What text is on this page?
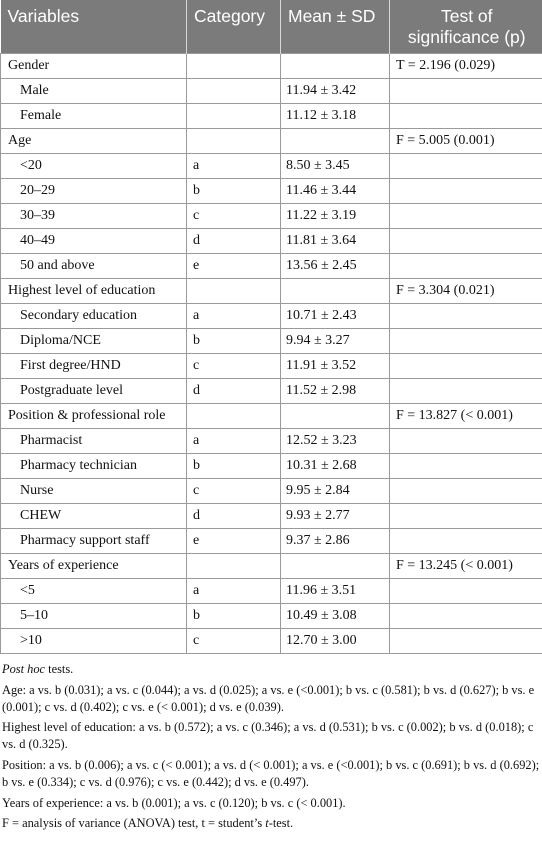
Variables	Category	Mean ± SD	Test of significance (p)
Gender			T = 2.196 (0.029)
Male		11.94 ± 3.42	
Female		11.12 ± 3.18	
Age			F = 5.005 (0.001)
<20	a	8.50 ± 3.45	
20–29	b	11.46 ± 3.44	
30–39	c	11.22 ± 3.19	
40–49	d	11.81 ± 3.64	
50 and above	e	13.56 ± 2.45	
Highest level of education			F = 3.304 (0.021)
Secondary education	a	10.71 ± 2.43	
Diploma/NCE	b	9.94 ± 3.27	
First degree/HND	c	11.91 ± 3.52	
Postgraduate level	d	11.52 ± 2.98	
Position & professional role			F = 13.827 (< 0.001)
Pharmacist	a	12.52 ± 3.23	
Pharmacy technician	b	10.31 ± 2.68	
Nurse	c	9.95 ± 2.84	
CHEW	d	9.93 ± 2.77	
Pharmacy support staff	e	9.37 ± 2.86	
Years of experience			F = 13.245 (< 0.001)
<5	a	11.96 ± 3.51	
5–10	b	10.49 ± 3.08	
>10	c	12.70 ± 3.00	

Post hoc tests.

Age: a vs. b (0.031); a vs. c (0.044); a vs. d (0.025); a vs. e (<0.001); b vs. c (0.581); b vs. d (0.627); b vs. e (0.001); c vs. d (0.402); c vs. e (< 0.001); d vs. e (0.039).

Highest level of education: a vs. b (0.572); a vs. c (0.346); a vs. d (0.531); b vs. c (0.002); b vs. d (0.018); c vs. d (0.325).

Position: a vs. b (0.006); a vs. c (< 0.001); a vs. d (< 0.001); a vs. e (<0.001); b vs. c (0.691); b vs. d (0.692); b vs. e (0.334); c vs. d (0.976); c vs. e (0.442); d vs. e (0.497).

Years of experience: a vs. b (0.001); a vs. c (0.120); b vs. c (< 0.001).

F = analysis of variance (ANOVA) test, t = student’s t-test.
